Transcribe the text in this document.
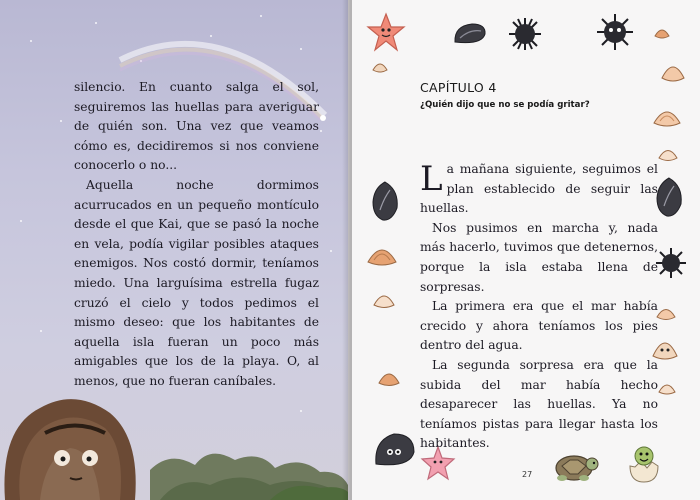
silencio. En cuanto salga el sol, seguiremos las huellas para averiguar de quién son. Una vez que veamos cómo es, decidiremos si nos conviene conocerlo o no...

Aquella noche dormimos acurrucados en un pequeño montículo desde el que Kai, que se pasó la noche en vela, podía vigilar posibles ataques enemigos. Nos costó dormir, teníamos miedo. Una larguísima estrella fugaz cruzó el cielo y todos pedimos el mismo deseo: que los habitantes de aquella isla fueran un poco más amigables que los de la playa. O, al menos, que no fueran caníbales.

CAPÍTULO 4
¿Quién dijo que no se podía gritar?

La mañana siguiente, seguimos el plan establecido de seguir las huellas.

Nos pusimos en marcha y, nada más hacerlo, tuvimos que detenernos, porque la isla estaba llena de sorpresas.

La primera era que el mar había crecido y ahora teníamos los pies dentro del agua.

La segunda sorpresa era que la subida del mar había hecho desaparecer las huellas. Ya no teníamos pistas para llegar hasta los habitantes.

27
